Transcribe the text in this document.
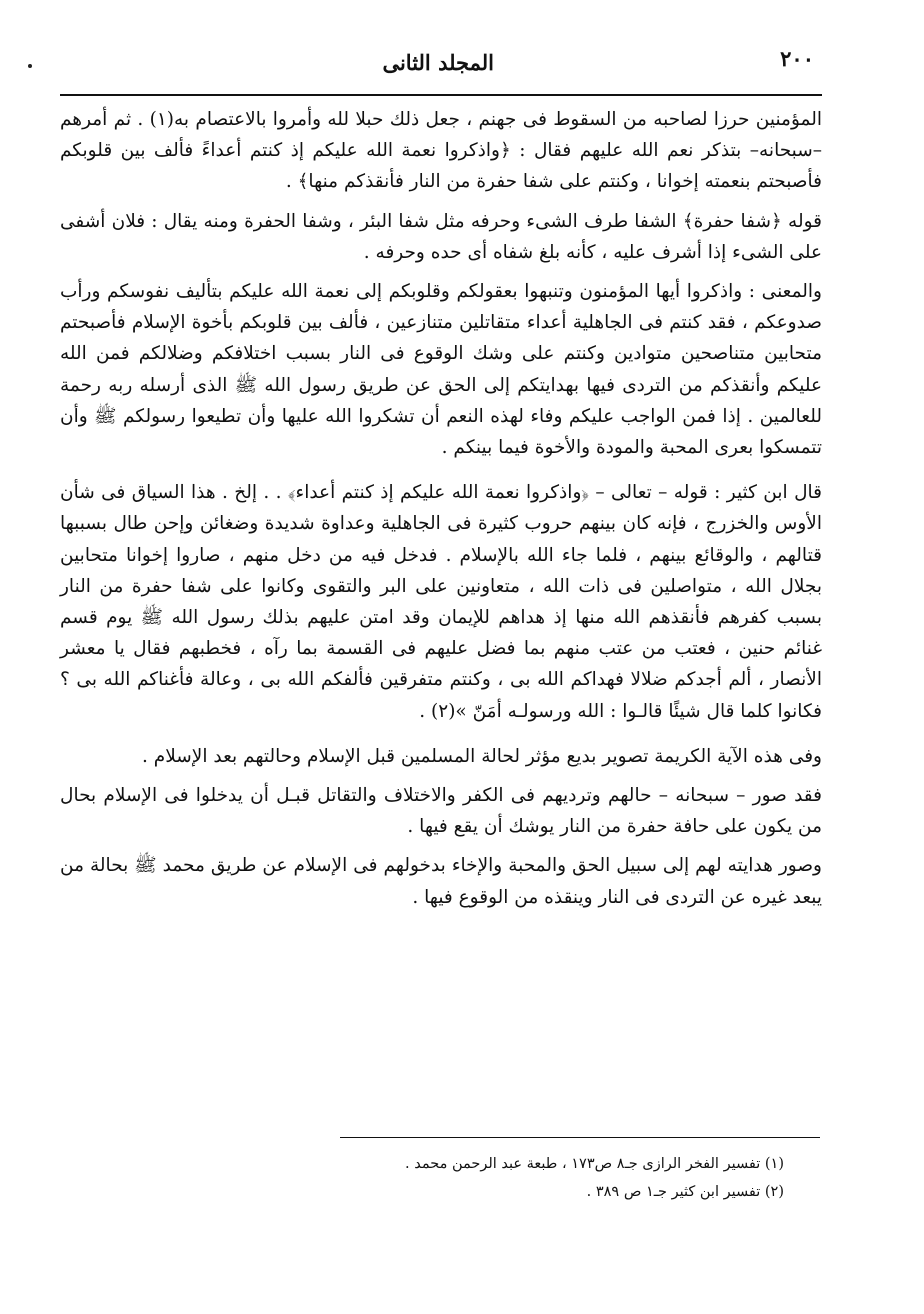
٢٠٠
المجلد الثانى

المؤمنين حرزا لصاحبه من السقوط فى جهنم ، جعل ذلك حبلا لله وأمروا بالاعتصام به(١) . ثم أمرهم –سبحانه– بتذكر نعم الله عليهم فقال : ﴿واذكروا نعمة الله عليكم إذ كنتم أعداءً فألف بين قلوبكم فأصبحتم بنعمته إخوانا ، وكنتم على شفا حفرة من النار فأنقذكم منها﴾ .

قوله ﴿شفا حفرة﴾ الشفا طرف الشىء وحرفه مثل شفا البئر ، وشفا الحفرة ومنه يقال : فلان أشفى على الشىء إذا أشرف عليه ، كأنه بلغ شفاه أى حده وحرفه .

والمعنى : واذكروا أيها المؤمنون وتنبهوا بعقولكم وقلوبكم إلى نعمة الله عليكم بتأليف نفوسكم ورأب صدوعكم ، فقد كنتم فى الجاهلية أعداء متقاتلين متنازعين ، فألف بين قلوبكم بأخوة الإسلام فأصبحتم متحابين متناصحين متوادين وكنتم على وشك الوقوع فى النار بسبب اختلافكم وضلالكم فمن الله عليكم وأنقذكم من التردى فيها بهدايتكم إلى الحق عن طريق رسول الله ﷺ الذى أرسله ربه رحمة للعالمين . إذا فمن الواجب عليكم وفاء لهذه النعم أن تشكروا الله عليها وأن تطيعوا رسولكم ﷺ وأن تتمسكوا بعرى المحبة والمودة والأخوة فيما بينكم .

قال ابن كثير : قوله – تعالى – ﴿واذكروا نعمة الله عليكم إذ كنتم أعداء﴾ . . إلخ . هذا السياق فى شأن الأوس والخزرج ، فإنه كان بينهم حروب كثيرة فى الجاهلية وعداوة شديدة وضغائن وإحن طال بسببها قتالهم ، والوقائع بينهم ، فلما جاء الله بالإسلام . فدخل فيه من دخل منهم ، صاروا إخوانا متحابين بجلال الله ، متواصلين فى ذات الله ، متعاونين على البر والتقوى وكانوا على شفا حفرة من النار بسبب كفرهم فأنقذهم الله منها إذ هداهم للإيمان وقد امتن عليهم بذلك رسول الله ﷺ يوم قسم غنائم حنين ، فعتب من عتب منهم بما فضل عليهم فى القسمة بما رآه ، فخطبهم فقال يا معشر الأنصار ، ألم أجدكم ضلالا فهداكم الله بى ، وكنتم متفرقين فألفكم الله بى ، وعالة فأغناكم الله بى ؟ فكانوا كلما قال شيئًا قالـوا : الله ورسولـه أمَنّ »(٢) .

وفى هذه الآية الكريمة تصوير بديع مؤثر لحالة المسلمين قبل الإسلام وحالتهم بعد الإسلام .

فقد صور – سبحانه – حالهم وترديهم فى الكفر والاختلاف والتقاتل قبـل أن يدخلوا فى الإسلام بحال من يكون على حافة حفرة من النار يوشك أن يقع فيها .

وصور هدايته لهم إلى سبيل الحق والمحبة والإخاء بدخولهم فى الإسلام عن طريق محمد ﷺ بحالة من يبعد غيره عن التردى فى النار وينقذه من الوقوع فيها .

(١) تفسير الفخر الرازى جـ٨ ص١٧٣ ، طبعة عبد الرحمن محمد .

(٢) تفسير ابن كثير جـ١ ص ٣٨٩ .
